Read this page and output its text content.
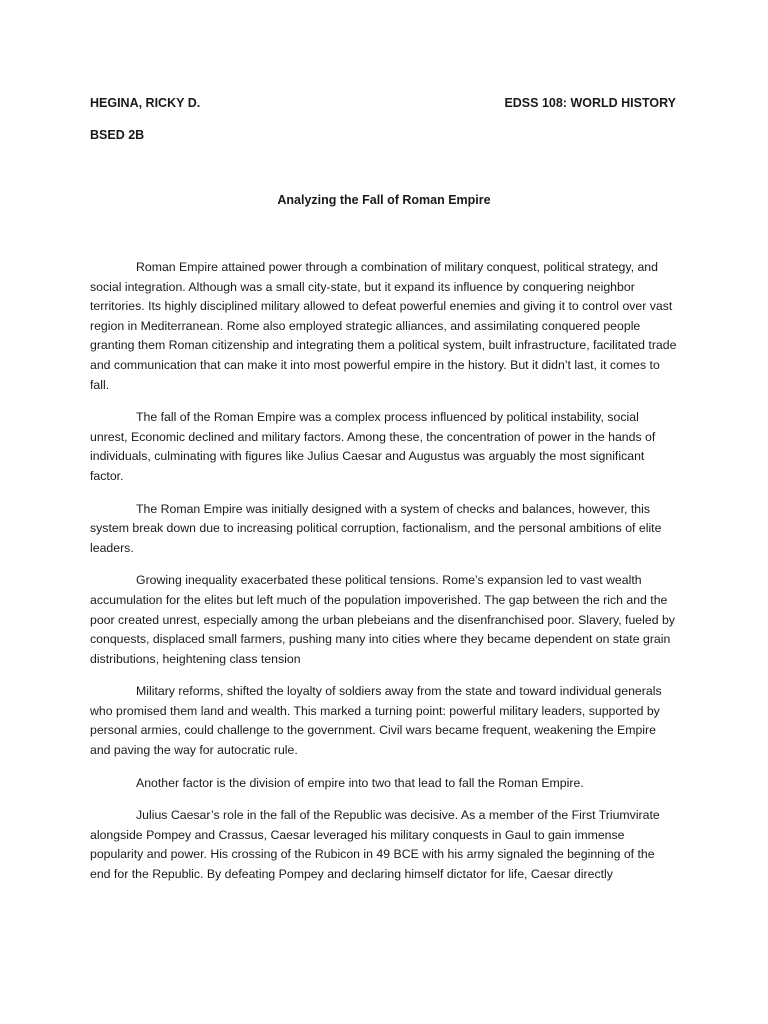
HEGINA, RICKY D.	EDSS 108: WORLD HISTORY
BSED 2B
Analyzing the Fall of Roman Empire

Roman Empire attained power through a combination of military conquest, political strategy, and social integration. Although was a small city-state, but it expand its influence by conquering neighbor territories. Its highly disciplined military allowed to defeat powerful enemies and giving it to control over vast region in Mediterranean. Rome also employed strategic alliances, and assimilating conquered people granting them Roman citizenship and integrating them a political system, built infrastructure, facilitated trade and communication that can make it into most powerful empire in the history. But it didn’t last, it comes to fall.

The fall of the Roman Empire was a complex process influenced by political instability, social unrest, Economic declined and military factors. Among these, the concentration of power in the hands of individuals, culminating with figures like Julius Caesar and Augustus was arguably the most significant factor.

The Roman Empire was initially designed with a system of checks and balances, however, this system break down due to increasing political corruption, factionalism, and the personal ambitions of elite leaders.

Growing inequality exacerbated these political tensions. Rome’s expansion led to vast wealth accumulation for the elites but left much of the population impoverished. The gap between the rich and the poor created unrest, especially among the urban plebeians and the disenfranchised poor. Slavery, fueled by conquests, displaced small farmers, pushing many into cities where they became dependent on state grain distributions, heightening class tension

Military reforms, shifted the loyalty of soldiers away from the state and toward individual generals who promised them land and wealth. This marked a turning point: powerful military leaders, supported by personal armies, could challenge to the government. Civil wars became frequent, weakening the Empire and paving the way for autocratic rule.

Another factor is the division of empire into two that lead to fall the Roman Empire.

Julius Caesar’s role in the fall of the Republic was decisive. As a member of the First Triumvirate alongside Pompey and Crassus, Caesar leveraged his military conquests in Gaul to gain immense popularity and power. His crossing of the Rubicon in 49 BCE with his army signaled the beginning of the end for the Republic. By defeating Pompey and declaring himself dictator for life, Caesar directly
